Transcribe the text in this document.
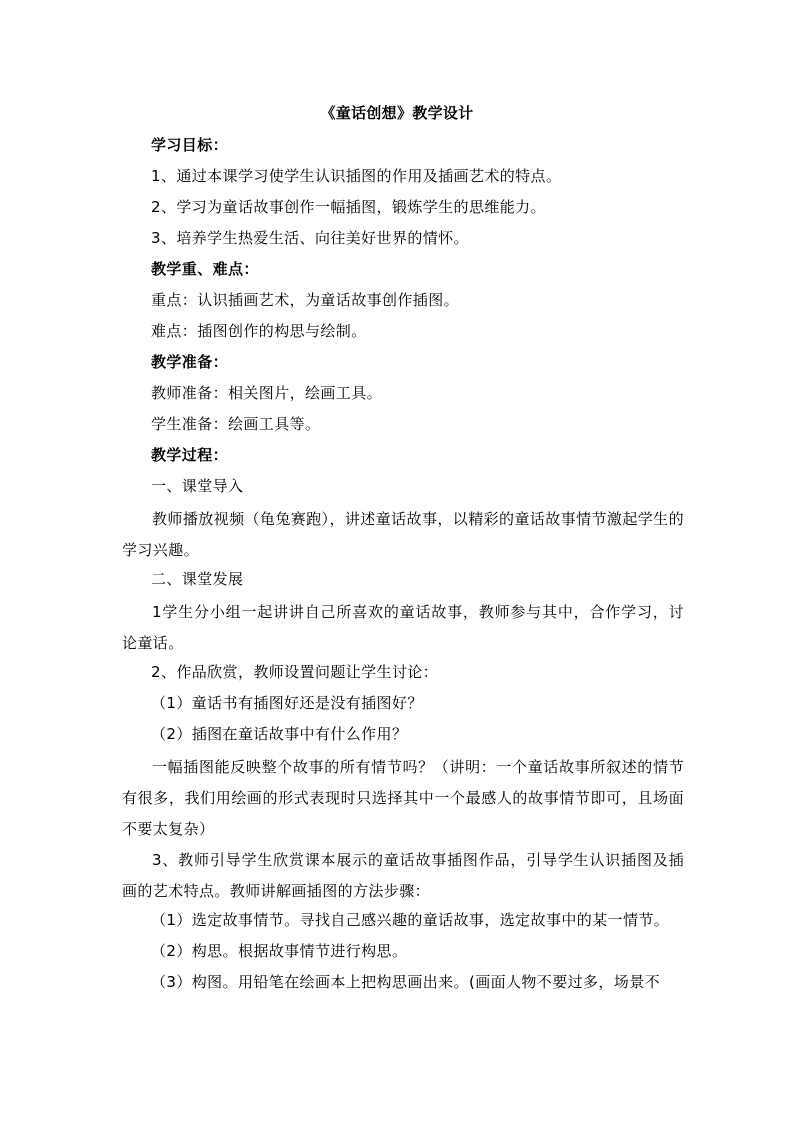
《童话创想》教学设计
学习目标：
1、通过本课学习使学生认识插图的作用及插画艺术的特点。
2、学习为童话故事创作一幅插图，锻炼学生的思维能力。
3、培养学生热爱生活、向往美好世界的情怀。
教学重、难点：
重点：认识插画艺术，为童话故事创作插图。
难点：插图创作的构思与绘制。
教学准备：
教师准备：相关图片，绘画工具。
学生准备：绘画工具等。
教学过程：
一、课堂导入
教师播放视频（龟兔赛跑），讲述童话故事，以精彩的童话故事情节激起学生的学习兴趣。
二、课堂发展
1学生分小组一起讲讲自己所喜欢的童话故事，教师参与其中，合作学习，讨论童话。
2、作品欣赏，教师设置问题让学生讨论：
（1）童话书有插图好还是没有插图好？
（2）插图在童话故事中有什么作用？
一幅插图能反映整个故事的所有情节吗？（讲明：一个童话故事所叙述的情节有很多，我们用绘画的形式表现时只选择其中一个最感人的故事情节即可，且场面不要太复杂）
3、教师引导学生欣赏课本展示的童话故事插图作品，引导学生认识插图及插画的艺术特点。教师讲解画插图的方法步骤：
（1）选定故事情节。寻找自己感兴趣的童话故事，选定故事中的某一情节。
（2）构思。根据故事情节进行构思。
（3）构图。用铅笔在绘画本上把构思画出来。(画面人物不要过多，场景不
